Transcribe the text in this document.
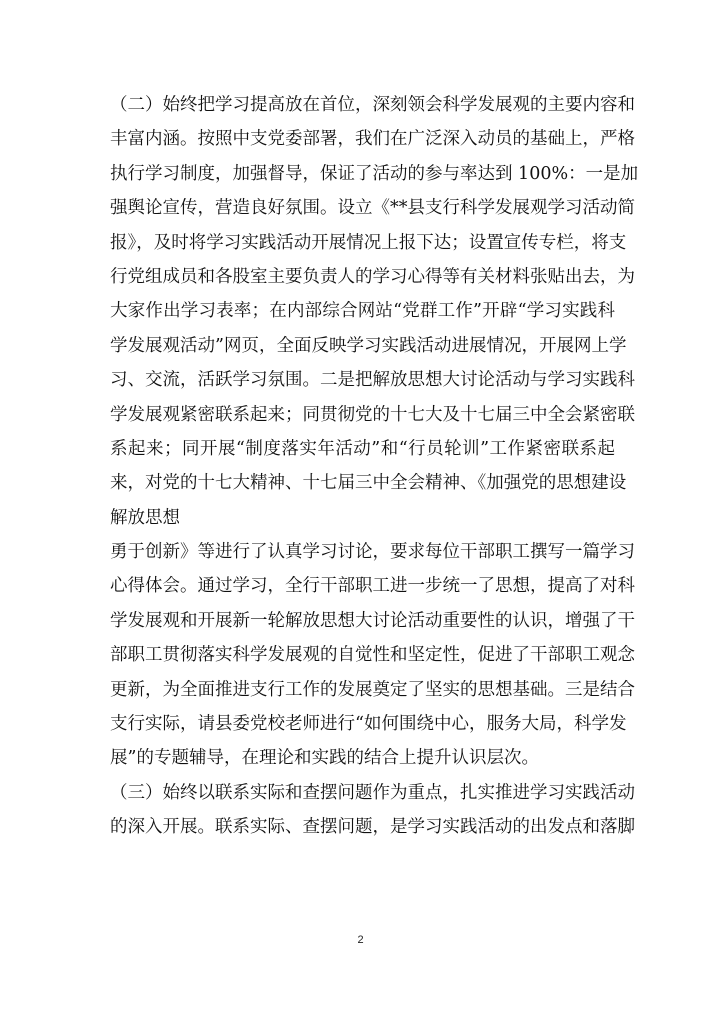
（二）始终把学习提高放在首位，深刻领会科学发展观的主要内容和
丰富内涵。按照中支党委部署，我们在广泛深入动员的基础上，严格
执行学习制度，加强督导，保证了活动的参与率达到 100%：一是加
强舆论宣传，营造良好氛围。设立《**县支行科学发展观学习活动简
报》，及时将学习实践活动开展情况上报下达；设置宣传专栏，将支
行党组成员和各股室主要负责人的学习心得等有关材料张贴出去，为
大家作出学习表率；在内部综合网站“党群工作”开辟“学习实践科
学发展观活动”网页，全面反映学习实践活动进展情况，开展网上学
习、交流，活跃学习氛围。二是把解放思想大讨论活动与学习实践科
学发展观紧密联系起来；同贯彻党的十七大及十七届三中全会紧密联
系起来；同开展“制度落实年活动”和“行员轮训”工作紧密联系起
来，对党的十七大精神、十七届三中全会精神、《加强党的思想建设
解放思想
勇于创新》等进行了认真学习讨论，要求每位干部职工撰写一篇学习
心得体会。通过学习，全行干部职工进一步统一了思想，提高了对科
学发展观和开展新一轮解放思想大讨论活动重要性的认识，增强了干
部职工贯彻落实科学发展观的自觉性和坚定性，促进了干部职工观念
更新，为全面推进支行工作的发展奠定了坚实的思想基础。三是结合
支行实际，请县委党校老师进行“如何围绕中心，服务大局，科学发
展”的专题辅导，在理论和实践的结合上提升认识层次。
（三）始终以联系实际和查摆问题作为重点，扎实推进学习实践活动
的深入开展。联系实际、查摆问题，是学习实践活动的出发点和落脚
2
